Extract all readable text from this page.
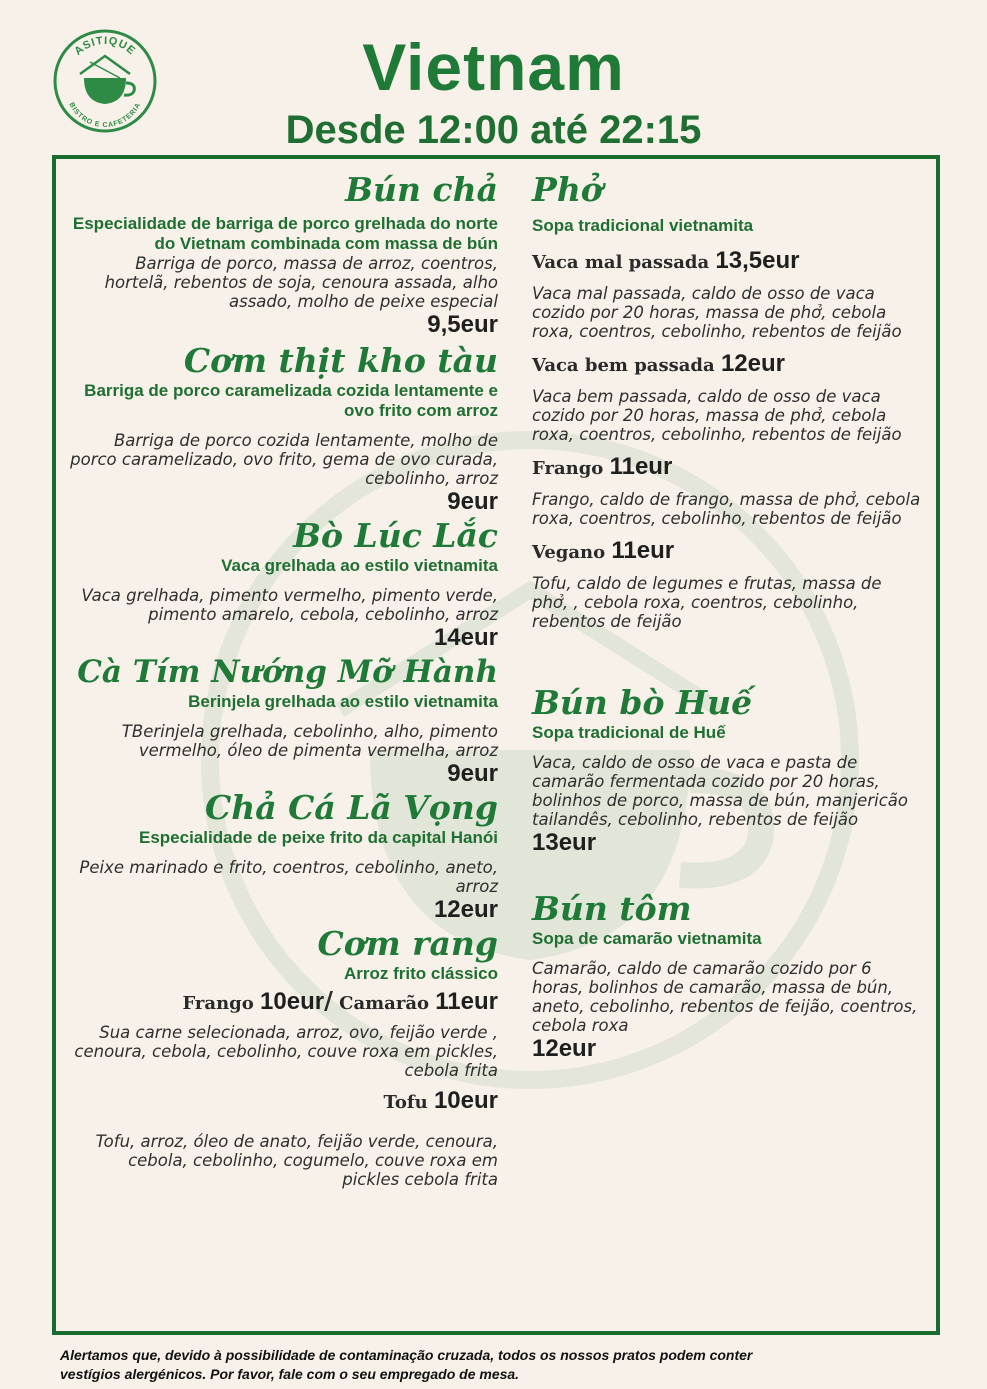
ASITIQUE
BISTRO E CAFETERIA
Vietnam
Desde 12:00 até 22:15
Bún chả
Especialidade de barriga de porco grelhada do norte do Vietnam combinada com massa de bún
Barriga de porco, massa de arroz, coentros, hortelã, rebentos de soja, cenoura assada, alho assado, molho de peixe especial
9,5eur
Cơm thịt kho tàu
Barriga de porco caramelizada cozida lentamente e ovo frito com arroz
Barriga de porco cozida lentamente, molho de porco caramelizado, ovo frito, gema de ovo curada, cebolinho, arroz
9eur
Bò Lúc Lắc
Vaca grelhada ao estilo vietnamita
Vaca grelhada, pimento vermelho, pimento verde, pimento amarelo, cebola, cebolinho, arroz
14eur
Cà Tím Nướng Mỡ Hành
Berinjela grelhada ao estilo vietnamita
TBerinjela grelhada, cebolinho, alho, pimento vermelho, óleo de pimenta vermelha, arroz
9eur
Chả Cá Lã Vọng
Especialidade de peixe frito da capital Hanói
Peixe marinado e frito, coentros, cebolinho, aneto, arroz
12eur
Cơm rang
Arroz frito clássico
Frango 10eur/ Camarão 11eur
Sua carne selecionada, arroz, ovo, feijão verde , cenoura, cebola, cebolinho, couve roxa em pickles, cebola frita
Tofu 10eur
Tofu, arroz, óleo de anato, feijão verde, cenoura, cebola, cebolinho, cogumelo, couve roxa em pickles cebola frita
Phở
Sopa tradicional vietnamita
Vaca mal passada 13,5eur
Vaca mal passada, caldo de osso de vaca cozido por 20 horas, massa de phở, cebola roxa, coentros, cebolinho, rebentos de feijão
Vaca bem passada 12eur
Vaca bem passada, caldo de osso de vaca cozido por 20 horas, massa de phở, cebola roxa, coentros, cebolinho, rebentos de feijão
Frango 11eur
Frango, caldo de frango, massa de phở, cebola roxa, coentros, cebolinho, rebentos de feijão
Vegano 11eur
Tofu, caldo de legumes e frutas, massa de phở, , cebola roxa, coentros, cebolinho, rebentos de feijão
Bún bò Huế
Sopa tradicional de Huế
Vaca, caldo de osso de vaca e pasta de camarão fermentada cozido por 20 horas, bolinhos de porco, massa de bún, manjericão tailandês, cebolinho, rebentos de feijão
13eur
Bún tôm
Sopa de camarão vietnamita
Camarão, caldo de camarão cozido por 6 horas, bolinhos de camarão, massa de bún, aneto, cebolinho, rebentos de feijão, coentros, cebola roxa
12eur
Alertamos que, devido à possibilidade de contaminação cruzada, todos os nossos pratos podem conter
vestígios alergénicos. Por favor, fale com o seu empregado de mesa.
